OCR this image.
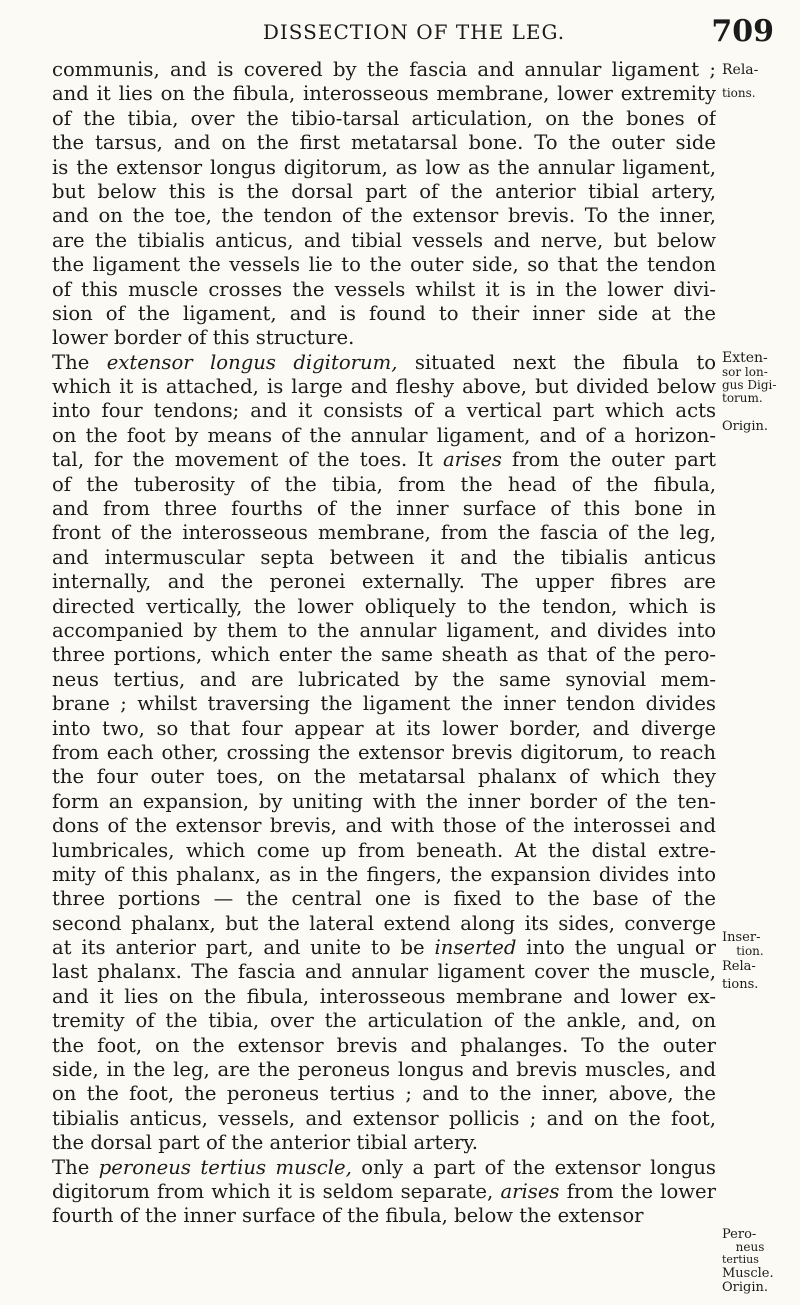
DISSECTION OF THE LEG.	709
communis, and is covered by the fascia and annular ligament ;
and it lies on the fibula, interosseous membrane, lower extremity
of the tibia, over the tibio-tarsal articulation, on the bones of
the tarsus, and on the first metatarsal bone. To the outer side
is the extensor longus digitorum, as low as the annular ligament,
but below this is the dorsal part of the anterior tibial artery,
and on the toe, the tendon of the extensor brevis. To the inner,
are the tibialis anticus, and tibial vessels and nerve, but below
the ligament the vessels lie to the outer side, so that the tendon
of this muscle crosses the vessels whilst it is in the lower divi-
sion of the ligament, and is found to their inner side at the
lower border of this structure.
The extensor longus digitorum, situated next the fibula to
which it is attached, is large and fleshy above, but divided below
into four tendons; and it consists of a vertical part which acts
on the foot by means of the annular ligament, and of a horizon-
tal, for the movement of the toes. It arises from the outer part
of the tuberosity of the tibia, from the head of the fibula,
and from three fourths of the inner surface of this bone in
front of the interosseous membrane, from the fascia of the leg,
and intermuscular septa between it and the tibialis anticus
internally, and the peronei externally. The upper fibres are
directed vertically, the lower obliquely to the tendon, which is
accompanied by them to the annular ligament, and divides into
three portions, which enter the same sheath as that of the pero-
neus tertius, and are lubricated by the same synovial mem-
brane ; whilst traversing the ligament the inner tendon divides
into two, so that four appear at its lower border, and diverge
from each other, crossing the extensor brevis digitorum, to reach
the four outer toes, on the metatarsal phalanx of which they
form an expansion, by uniting with the inner border of the ten-
dons of the extensor brevis, and with those of the interossei and
lumbricales, which come up from beneath. At the distal extre-
mity of this phalanx, as in the fingers, the expansion divides into
three portions — the central one is fixed to the base of the
second phalanx, but the lateral extend along its sides, converge
at its anterior part, and unite to be inserted into the ungual or
last phalanx. The fascia and annular ligament cover the muscle,
and it lies on the fibula, interosseous membrane and lower ex-
tremity of the tibia, over the articulation of the ankle, and, on
the foot, on the extensor brevis and phalanges. To the outer
side, in the leg, are the peroneus longus and brevis muscles, and
on the foot, the peroneus tertius ; and to the inner, above, the
tibialis anticus, vessels, and extensor pollicis ; and on the foot,
the dorsal part of the anterior tibial artery.
The peroneus tertius muscle, only a part of the extensor longus
digitorum from which it is seldom separate, arises from the lower
fourth of the inner surface of the fibula, below the extensor
Rela-
tions.
Exten-
sor lon-
gus Digi-
torum.
Origin.
Inser-
tion.
Rela-
tions.
Pero-
neus
tertius
Muscle.
Origin.
